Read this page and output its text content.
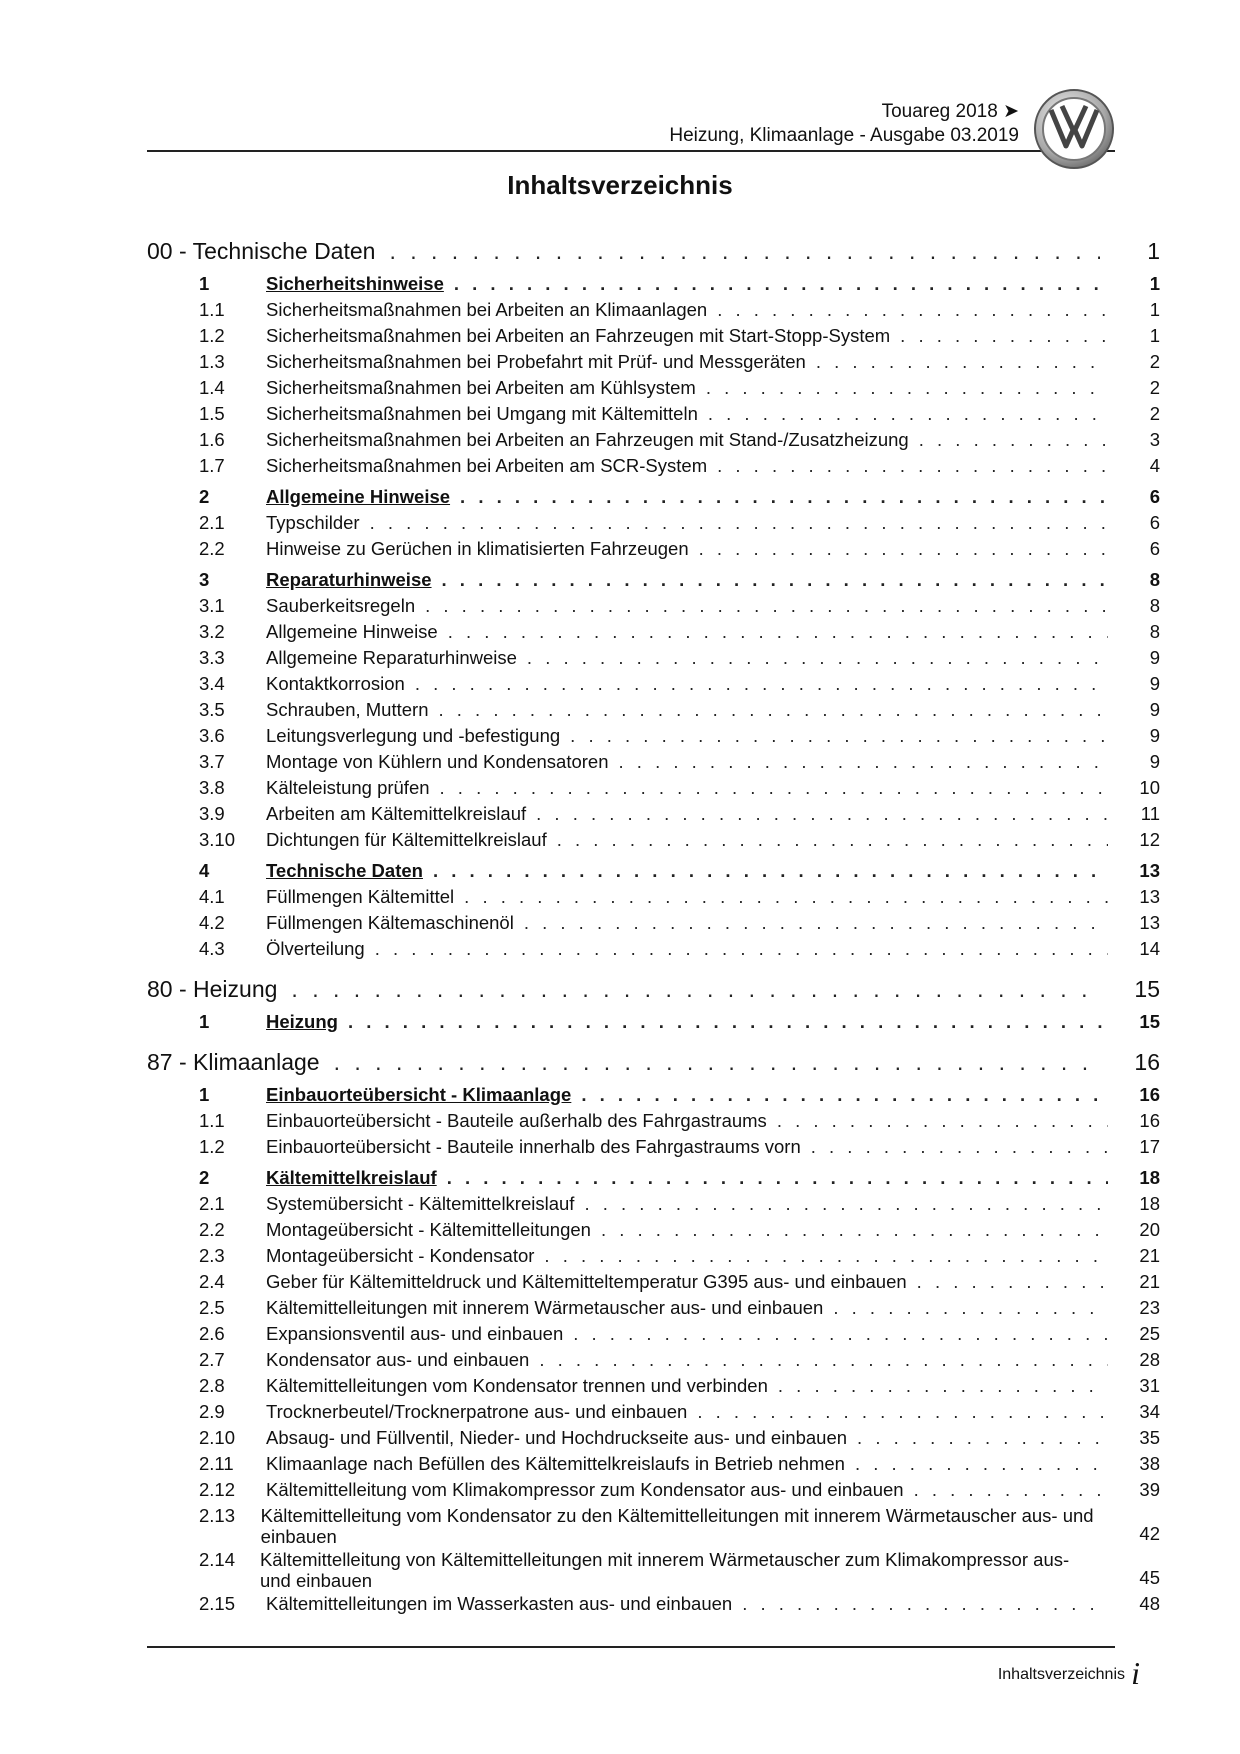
Touareg 2018 ➤
Heizung, Klimaanlage - Ausgabe 03.2019
Inhaltsverzeichnis
00 - Technische Daten . . .	1
1	Sicherheitshinweise . . .	1
1.1	Sicherheitsmaßnahmen bei Arbeiten an Klimaanlagen . . .	1
1.2	Sicherheitsmaßnahmen bei Arbeiten an Fahrzeugen mit Start-Stopp-System . . .	1
1.3	Sicherheitsmaßnahmen bei Probefahrt mit Prüf- und Messgeräten . . .	2
1.4	Sicherheitsmaßnahmen bei Arbeiten am Kühlsystem . . .	2
1.5	Sicherheitsmaßnahmen bei Umgang mit Kältemitteln . . .	2
1.6	Sicherheitsmaßnahmen bei Arbeiten an Fahrzeugen mit Stand-/Zusatzheizung . . .	3
1.7	Sicherheitsmaßnahmen bei Arbeiten am SCR-System . . .	4
2	Allgemeine Hinweise . . .	6
2.1	Typschilder . . .	6
2.2	Hinweise zu Gerüchen in klimatisierten Fahrzeugen . . .	6
3	Reparaturhinweise . . .	8
3.1	Sauberkeitsregeln . . .	8
3.2	Allgemeine Hinweise . . .	8
3.3	Allgemeine Reparaturhinweise . . .	9
3.4	Kontaktkorrosion . . .	9
3.5	Schrauben, Muttern . . .	9
3.6	Leitungsverlegung und -befestigung . . .	9
3.7	Montage von Kühlern und Kondensatoren . . .	9
3.8	Kälteleistung prüfen . . .	10
3.9	Arbeiten am Kältemittelkreislauf . . .	11
3.10	Dichtungen für Kältemittelkreislauf . . .	12
4	Technische Daten . . .	13
4.1	Füllmengen Kältemittel . . .	13
4.2	Füllmengen Kältemaschinenöl . . .	13
4.3	Ölverteilung . . .	14
80 - Heizung . . .	15
1	Heizung . . .	15
87 - Klimaanlage . . .	16
1	Einbauorteübersicht - Klimaanlage . . .	16
1.1	Einbauorteübersicht - Bauteile außerhalb des Fahrgastraums . . .	16
1.2	Einbauorteübersicht - Bauteile innerhalb des Fahrgastraums vorn . . .	17
2	Kältemittelkreislauf . . .	18
2.1	Systemübersicht - Kältemittelkreislauf . . .	18
2.2	Montageübersicht - Kältemittelleitungen . . .	20
2.3	Montageübersicht - Kondensator . . .	21
2.4	Geber für Kältemitteldruck und Kältemitteltemperatur G395 aus- und einbauen . . .	21
2.5	Kältemittelleitungen mit innerem Wärmetauscher aus- und einbauen . . .	23
2.6	Expansionsventil aus- und einbauen . . .	25
2.7	Kondensator aus- und einbauen . . .	28
2.8	Kältemittelleitungen vom Kondensator trennen und verbinden . . .	31
2.9	Trocknerbeutel/Trocknerpatrone aus- und einbauen . . .	34
2.10	Absaug- und Füllventil, Nieder- und Hochdruckseite aus- und einbauen . . .	35
2.11	Klimaanlage nach Befüllen des Kältemittelkreislaufs in Betrieb nehmen . . .	38
2.12	Kältemittelleitung vom Klimakompressor zum Kondensator aus- und einbauen . . .	39
2.13	Kältemittelleitung vom Kondensator zu den Kältemittelleitungen mit innerem Wärmetauscher aus- und einbauen	42
2.14	Kältemittelleitung von Kältemittelleitungen mit innerem Wärmetauscher zum Klimakompressor aus- und einbauen	45
2.15	Kältemittelleitungen im Wasserkasten aus- und einbauen . . .	48
Inhaltsverzeichnis i
